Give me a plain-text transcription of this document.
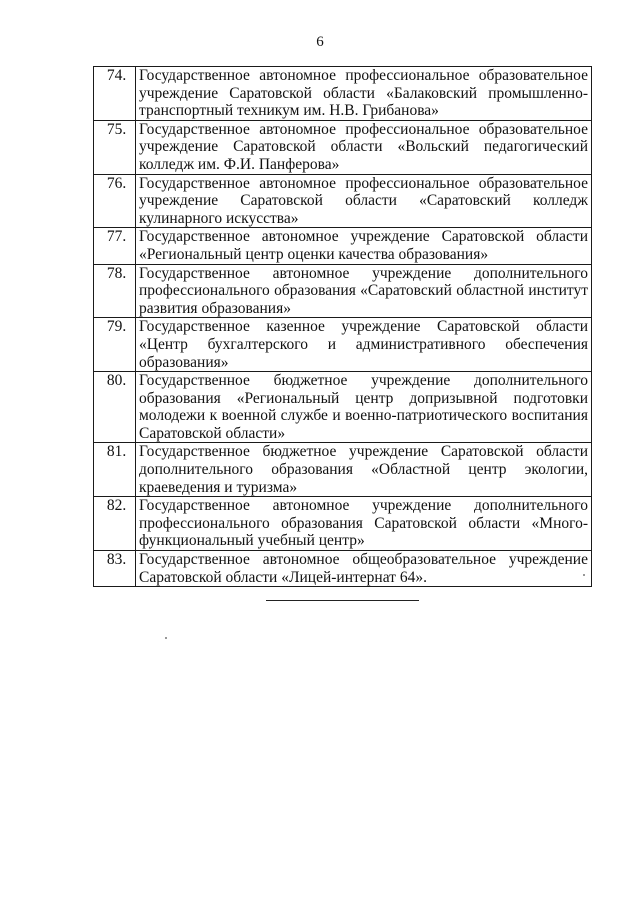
6
74.	Государственное автономное профессиональное образовательное учреждение Саратовской области «Балаковский промышленно-транспортный техникум им. Н.В. Грибанова»
75.	Государственное автономное профессиональное образовательное учреждение Саратовской области «Вольский педагогический колледж им. Ф.И. Панферова»
76.	Государственное автономное профессиональное образовательное учреждение Саратовской области «Саратовский колледж кулинарного искусства»
77.	Государственное автономное учреждение Саратовской области «Региональный центр оценки качества образования»
78.	Государственное автономное учреждение дополнительного профессионального образования «Саратовский областной институт развития образования»
79.	Государственное казенное учреждение Саратовской области «Центр бухгалтерского и административного обеспечения образования»
80.	Государственное бюджетное учреждение дополнительного образования «Региональный центр допризывной подготовки молодежи к военной службе и военно-патриотического воспитания Саратовской области»
81.	Государственное бюджетное учреждение Саратовской области дополнительного образования «Областной центр экологии, краеведения и туризма»
82.	Государственное автономное учреждение дополнительного профессионального образования Саратовской области «Много-функциональный учебный центр»
83.	Государственное автономное общеобразовательное учреждение Саратовской области «Лицей-интернат 64».
